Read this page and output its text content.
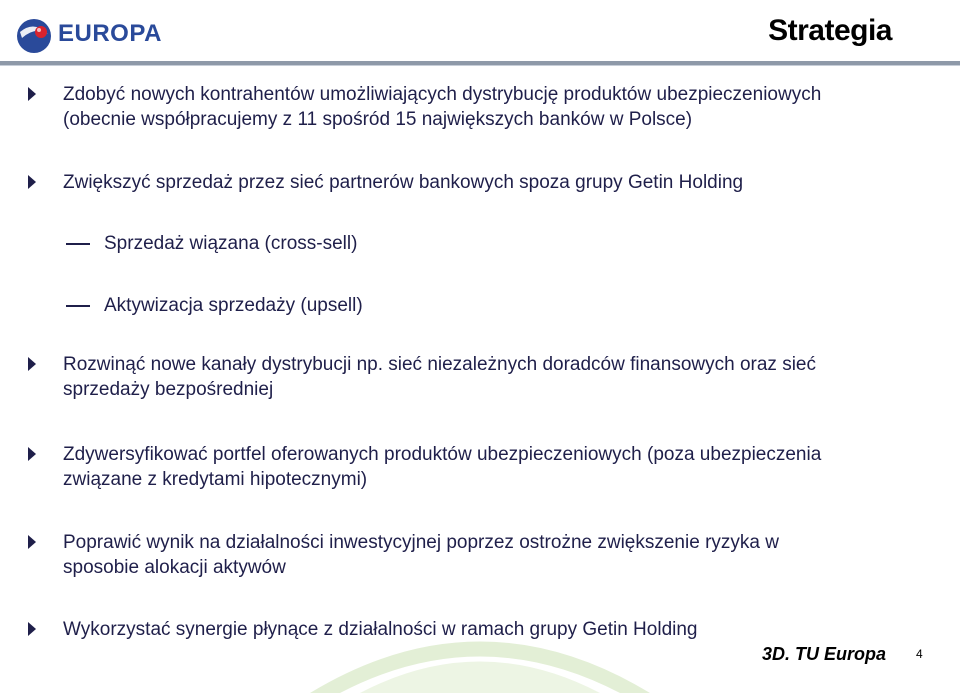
EUROPA	Strategia
Zdobyć nowych kontrahentów umożliwiających dystrybucję produktów ubezpieczeniowych
(obecnie współpracujemy z 11 spośród 15 największych banków w Polsce)
Zwiększyć sprzedaż przez sieć partnerów bankowych spoza grupy Getin Holding
Sprzedaż wiązana (cross-sell)
Aktywizacja sprzedaży (upsell)
Rozwinąć nowe kanały dystrybucji np. sieć niezależnych doradców finansowych oraz sieć
sprzedaży bezpośredniej
Zdywersyfikować portfel oferowanych produktów ubezpieczeniowych (poza ubezpieczenia
związane z kredytami hipotecznymi)
Poprawić wynik na działalności inwestycyjnej poprzez ostrożne zwiększenie ryzyka w
sposobie alokacji aktywów
Wykorzystać synergie płynące z działalności w ramach grupy Getin Holding
3D. TU Europa 4
